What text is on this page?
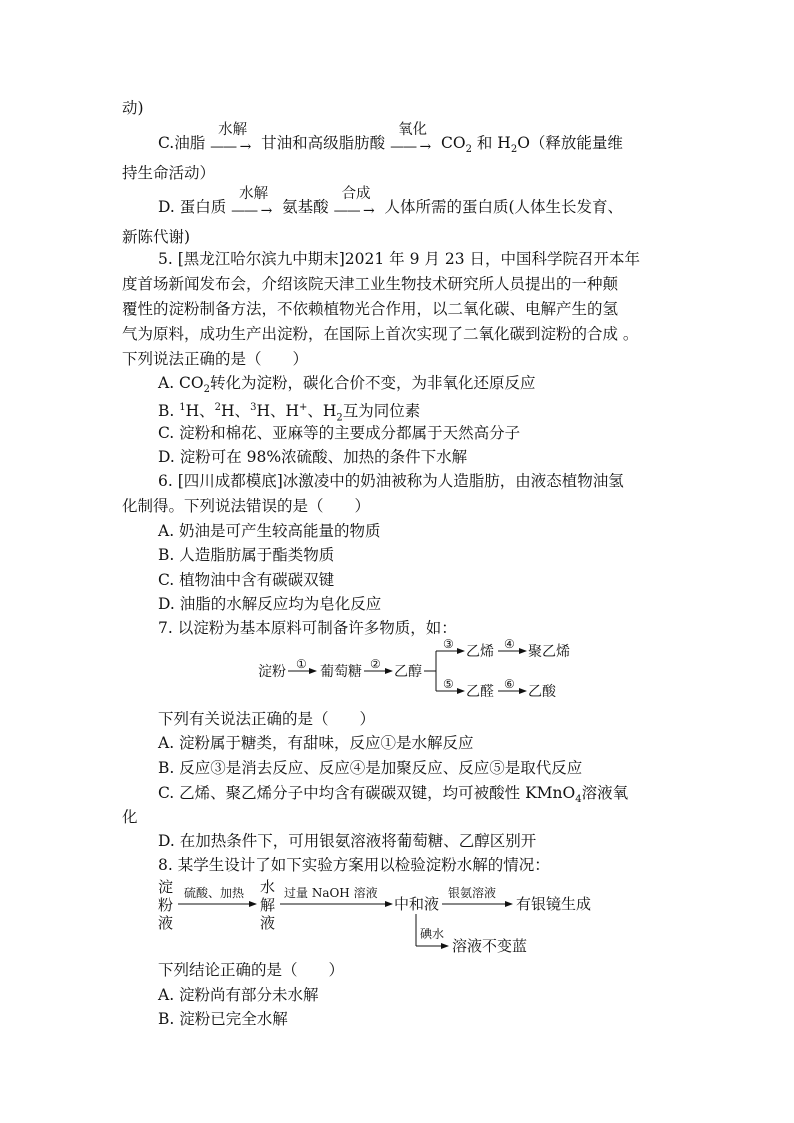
动)
C.油脂
水解
—— → 甘油和高级脂肪酸
氧化
—— → $CO_2$ 和 $H_2O$（释放能量维
持生命活动）
D. 蛋白质
水解
—— → 氨基酸
合成
—— → 人体所需的蛋白质(人体生长发育、
新陈代谢)
5. [黑龙江哈尔滨九中期末]2021 年 9 月 23 日，中国科学院召开本年
度首场新闻发布会，介绍该院天津工业生物技术研究所人员提出的一种颠
覆性的淀粉制备方法，不依赖植物光合作用，以二氧化碳、电解产生的氢
气为原料，成功生产出淀粉，在国际上首次实现了二氧化碳到淀粉的合成 。
下列说法正确的是（　　）
A. $CO_2$转化为淀粉，碳化合价不变，为非氧化还原反应
B. $^1$H、$^2$H、$^3$H、H+、$H_2$互为同位素
C. 淀粉和棉花、亚麻等的主要成分都属于天然高分子
D. 淀粉可在 98%浓硫酸、加热的条件下水解
6. [四川成都模底]冰激凌中的奶油被称为人造脂肪，由液态植物油氢
化制得。下列说法错误的是（　　）
A. 奶油是可产生较高能量的物质
B. 人造脂肪属于酯类物质
C. 植物油中含有碳碳双键
D. 油脂的水解反应均为皂化反应
7. 以淀粉为基本原料可制备许多物质，如：
淀粉 ① 葡萄糖 ② 乙醇
③ 乙烯 ④ 聚乙烯
⑤ 乙醛 ⑥ 乙酸
下列有关说法正确的是（　　）
A. 淀粉属于糖类，有甜味，反应①是水解反应
B. 反应③是消去反应、反应④是加聚反应、反应⑤是取代反应
C. 乙烯、聚乙烯分子中均含有碳碳双键，均可被酸性 KMnO$_4$溶液氧
化
D. 在加热条件下，可用银氨溶液将葡萄糖、乙醇区别开
8. 某学生设计了如下实验方案用以检验淀粉水解的情况：
淀
粉
液
硫酸、加热 水
解
液
过量 NaOH 溶液
中和液
银氨溶液
有银镜生成
碘水
溶液不变蓝
下列结论正确的是（　　）
A. 淀粉尚有部分未水解
B. 淀粉已完全水解
